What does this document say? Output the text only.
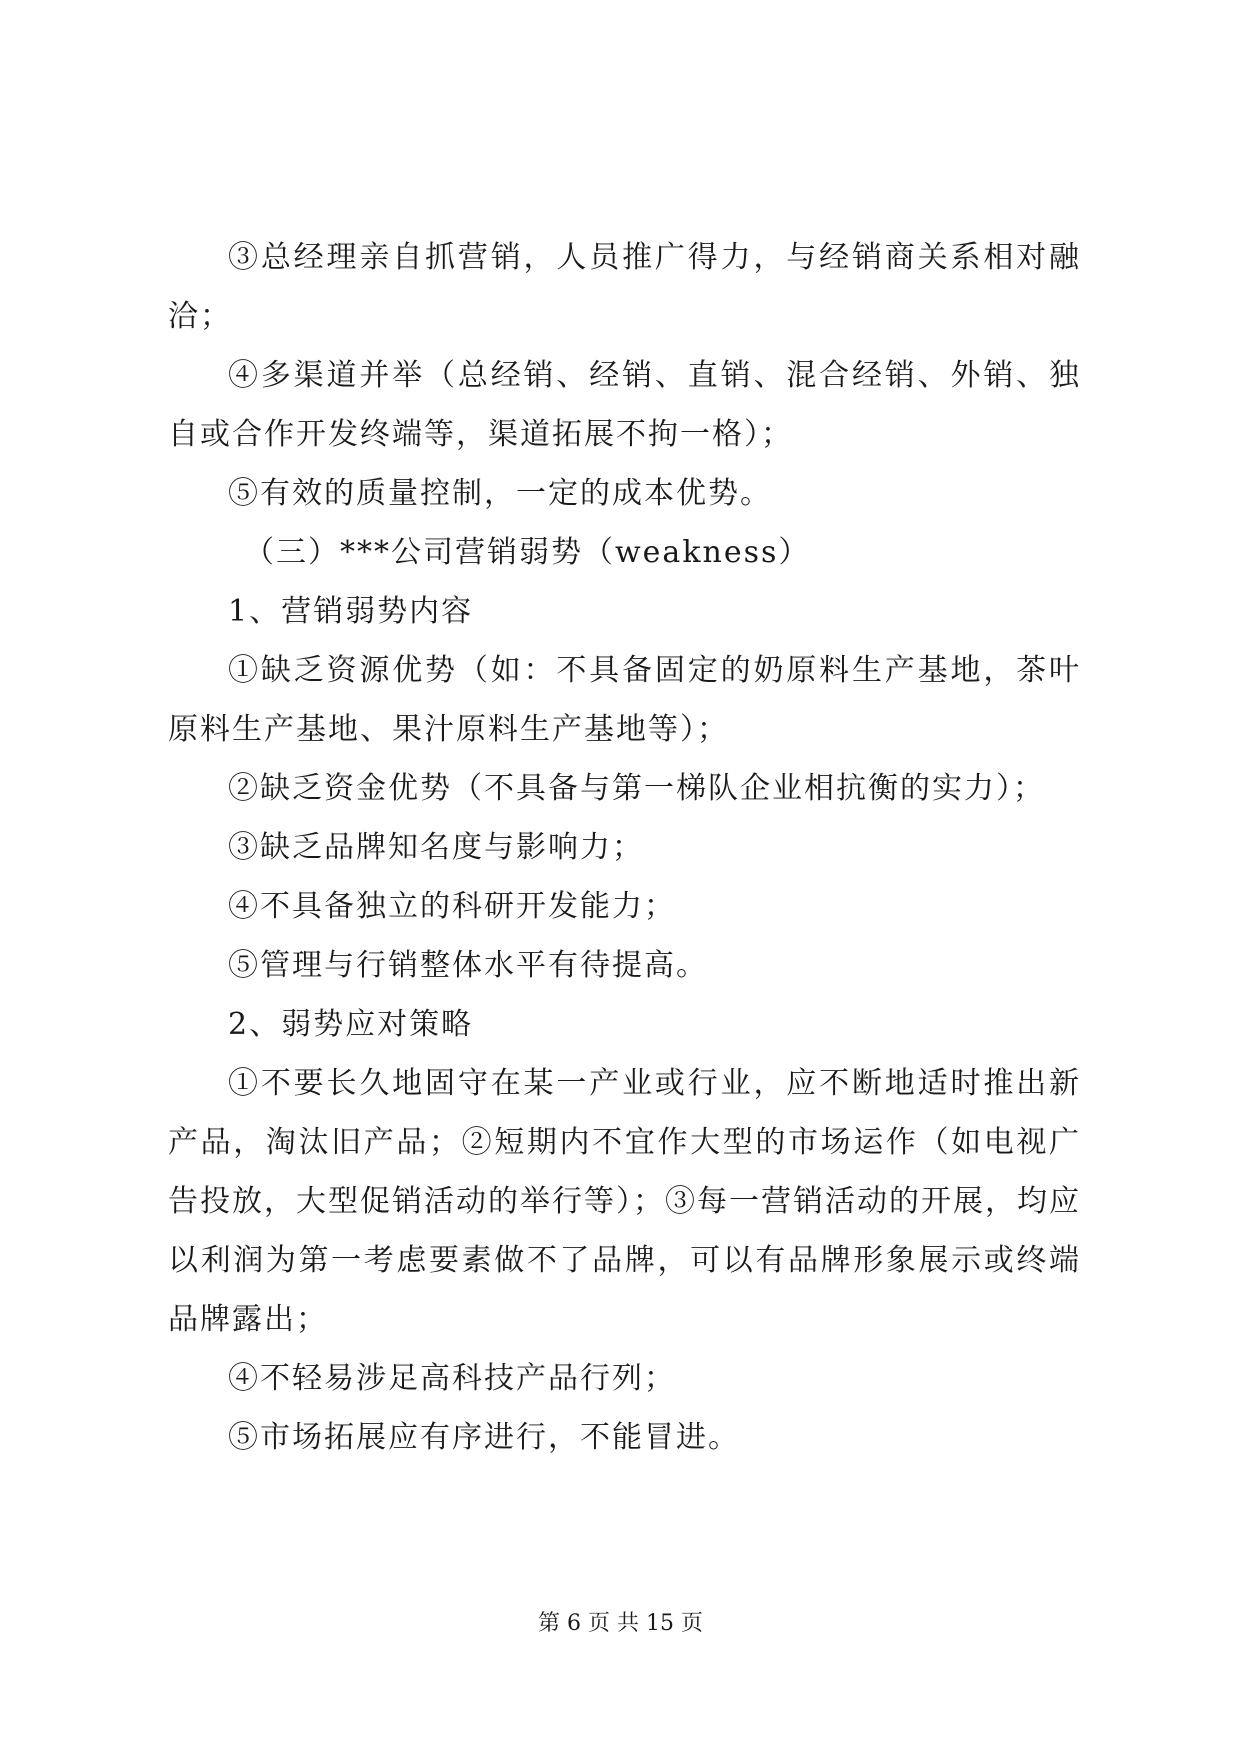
③总经理亲自抓营销，人员推广得力，与经销商关系相对融洽；

④多渠道并举（总经销、经销、直销、混合经销、外销、独自或合作开发终端等，渠道拓展不拘一格）；

⑤有效的质量控制，一定的成本优势。

（三）***公司营销弱势（weakness）

1、营销弱势内容

①缺乏资源优势（如：不具备固定的奶原料生产基地，茶叶原料生产基地、果汁原料生产基地等）；

②缺乏资金优势（不具备与第一梯队企业相抗衡的实力）；

③缺乏品牌知名度与影响力；

④不具备独立的科研开发能力；

⑤管理与行销整体水平有待提高。

2、弱势应对策略

①不要长久地固守在某一产业或行业，应不断地适时推出新产品，淘汰旧产品；②短期内不宜作大型的市场运作（如电视广告投放，大型促销活动的举行等）；③每一营销活动的开展，均应以利润为第一考虑要素做不了品牌，可以有品牌形象展示或终端品牌露出；

④不轻易涉足高科技产品行列；

⑤市场拓展应有序进行，不能冒进。

第 6 页 共 15 页
